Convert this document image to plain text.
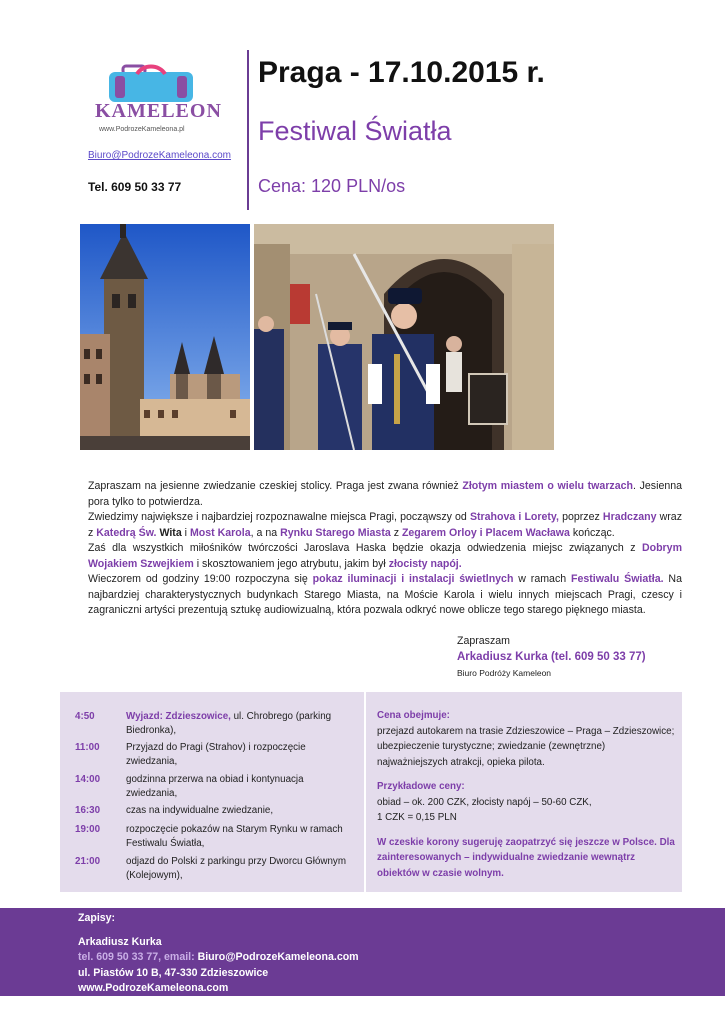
KAMELEON
www.PodrozeKameleona.pl
Biuro@PodrozeKameleona.com
Tel. 609 50 33 77
Praga - 17.10.2015 r.
Festiwal Światła
Cena: 120 PLN/os

Zapraszam na jesienne zwiedzanie czeskiej stolicy. Praga jest zwana również Złotym miastem o wielu twarzach. Jesienna pora tylko to potwierdza.

Zwiedzimy największe i najbardziej rozpoznawalne miejsca Pragi, począwszy od Strahova i Lorety, poprzez Hradczany wraz z Katedrą Św. Wita i Most Karola, a na Rynku Starego Miasta z Zegarem Orloy i Placem Wacława kończąc.

Zaś dla wszystkich miłośników twórczości Jaroslava Haska będzie okazja odwiedzenia miejsc związanych z Dobrym Wojakiem Szwejkiem i skosztowaniem jego atrybutu, jakim był złocisty napój.

Wieczorem od godziny 19:00 rozpoczyna się pokaz iluminacji i instalacji świetlnych w ramach Festiwalu Światła. Na najbardziej charakterystycznych budynkach Starego Miasta, na Moście Karola i wielu innych miejscach Pragi, czescy i zagraniczni artyści prezentują sztukę audiowizualną, która pozwala odkryć nowe oblicze tego starego pięknego miasta.

Zapraszam
Arkadiusz Kurka (tel. 609 50 33 77)
Biuro Podróży Kameleon
4:50	Wyjazd: Zdzieszowice, ul. Chrobrego (parking Biedronka),
11:00	Przyjazd do Pragi (Strahov) i rozpoczęcie zwiedzania,
14:00	godzinna przerwa na obiad i kontynuacja zwiedzania,
16:30	czas na indywidualne zwiedzanie,
19:00	rozpoczęcie pokazów na Starym Rynku w ramach Festiwalu Światła,
21:00	odjazd do Polski z parkingu przy Dworcu Głównym (Kolejowym),

Cena obejmuje:

przejazd autokarem na trasie Zdzieszowice – Praga – Zdzieszowice; ubezpieczenie turystyczne; zwiedzanie (zewnętrzne) najważniejszych atrakcji, opieka pilota.

Przykładowe ceny:

obiad – ok. 200 CZK, złocisty napój – 50-60 CZK,

1 CZK = 0,15 PLN

W czeskie korony sugeruję zaopatrzyć się jeszcze w Polsce. Dla zainteresowanych – indywidualne zwiedzanie wewnątrz obiektów w czasie wolnym.

Zapisy:
Arkadiusz Kurka
tel. 609 50 33 77, email: Biuro@PodrozeKameleona.com
ul. Piastów 10 B, 47-330 Zdzieszowice
www.PodrozeKameleona.com
